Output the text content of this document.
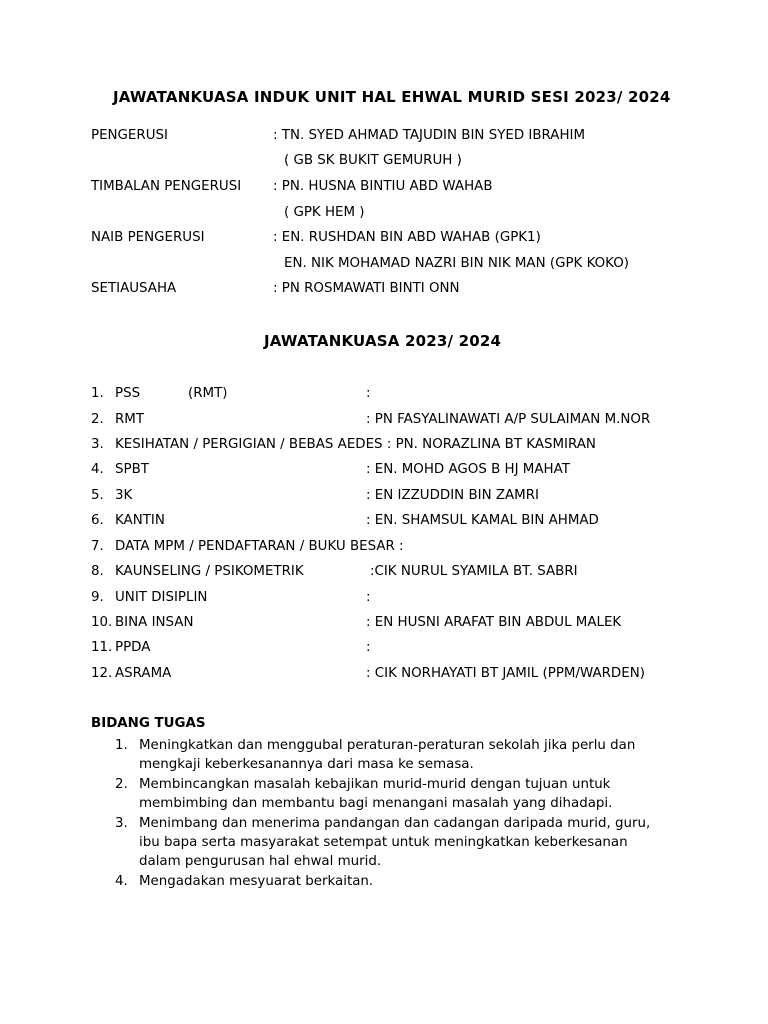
JAWATANKUASA INDUK UNIT HAL EHWAL MURID SESI 2023/ 2024
PENGERUSI	: TN. SYED AHMAD TAJUDIN BIN SYED IBRAHIM
( GB SK BUKIT GEMURUH )
TIMBALAN PENGERUSI : PN. HUSNA BINTIU ABD WAHAB
( GPK HEM )
NAIB PENGERUSI	: EN. RUSHDAN BIN ABD WAHAB (GPK1)
EN. NIK MOHAMAD NAZRI BIN NIK MAN (GPK KOKO)
SETIAUSAHA	: PN ROSMAWATI BINTI ONN
JAWATANKUASA 2023/ 2024
1. PSS	(RMT)	:
2. RMT	: PN FASYALINAWATI A/P SULAIMAN M.NOR
3. KESIHATAN / PERGIGIAN / BEBAS AEDES : PN. NORAZLINA BT KASMIRAN
4. SPBT	: EN. MOHD AGOS B HJ MAHAT
5. 3K	: EN IZZUDDIN BIN ZAMRI
6. KANTIN	: EN. SHAMSUL KAMAL BIN AHMAD
7. DATA MPM / PENDAFTARAN / BUKU BESAR :
8. KAUNSELING / PSIKOMETRIK	:CIK NURUL SYAMILA BT. SABRI
9. UNIT DISIPLIN	:
10. BINA INSAN	: EN HUSNI ARAFAT BIN ABDUL MALEK
11. PPDA	:
12. ASRAMA	: CIK NORHAYATI BT JAMIL (PPM/WARDEN)
BIDANG TUGAS
1. Meningkatkan dan menggubal peraturan-peraturan sekolah jika perlu dan
mengkaji keberkesanannya dari masa ke semasa.
2. Membincangkan masalah kebajikan murid-murid dengan tujuan untuk
membimbing dan membantu bagi menangani masalah yang dihadapi.
3. Menimbang dan menerima pandangan dan cadangan daripada murid, guru,
ibu bapa serta masyarakat setempat untuk meningkatkan keberkesanan
dalam pengurusan hal ehwal murid.
4. Mengadakan mesyuarat berkaitan.
